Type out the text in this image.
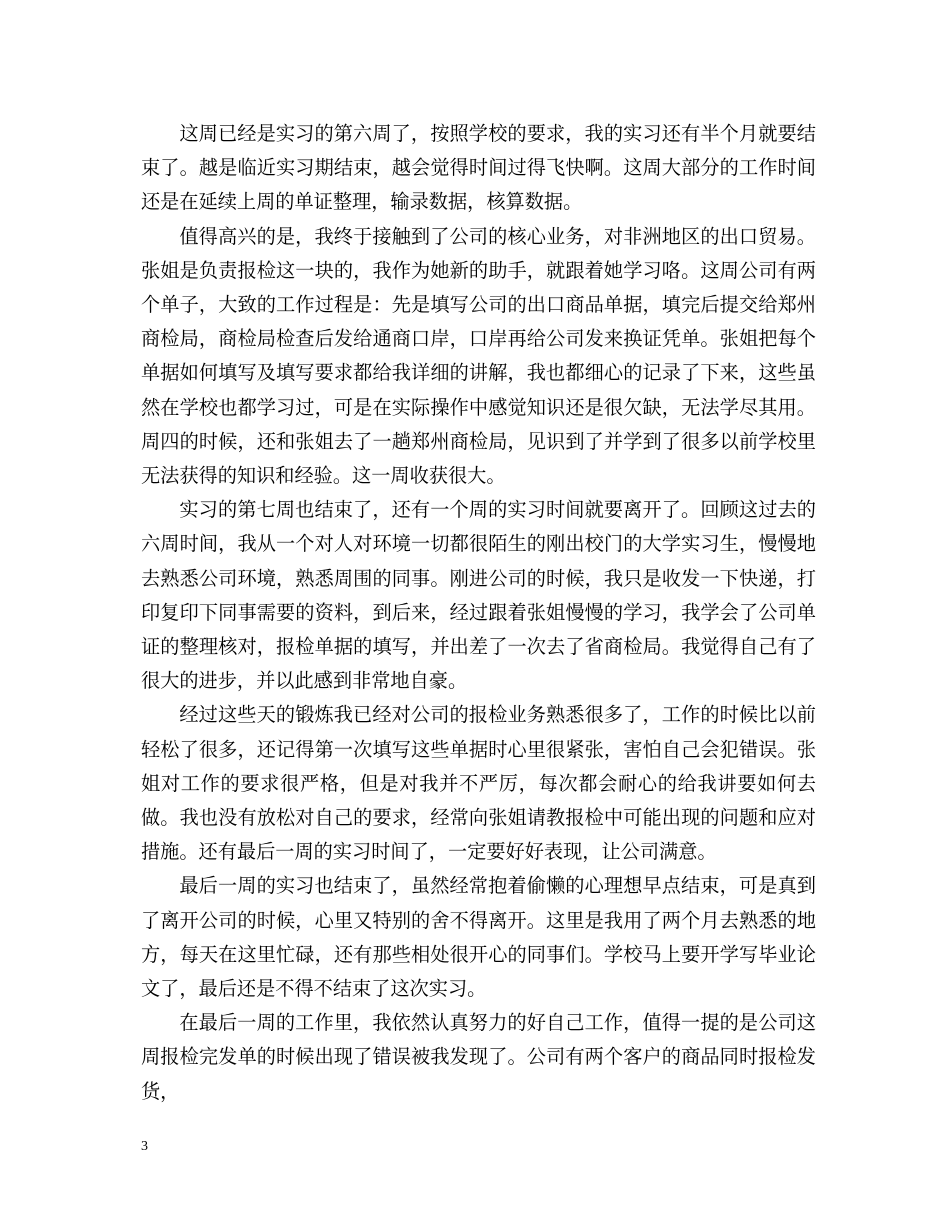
这周已经是实习的第六周了，按照学校的要求，我的实习还有半个月就要结束了。越是临近实习期结束，越会觉得时间过得飞快啊。这周大部分的工作时间还是在延续上周的单证整理，输录数据，核算数据。

值得高兴的是，我终于接触到了公司的核心业务，对非洲地区的出口贸易。张姐是负责报检这一块的，我作为她新的助手，就跟着她学习咯。这周公司有两个单子，大致的工作过程是：先是填写公司的出口商品单据，填完后提交给郑州商检局，商检局检查后发给通商口岸，口岸再给公司发来换证凭单。张姐把每个单据如何填写及填写要求都给我详细的讲解，我也都细心的记录了下来，这些虽然在学校也都学习过，可是在实际操作中感觉知识还是很欠缺，无法学尽其用。周四的时候，还和张姐去了一趟郑州商检局，见识到了并学到了很多以前学校里无法获得的知识和经验。这一周收获很大。

实习的第七周也结束了，还有一个周的实习时间就要离开了。回顾这过去的六周时间，我从一个对人对环境一切都很陌生的刚出校门的大学实习生，慢慢地去熟悉公司环境，熟悉周围的同事。刚进公司的时候，我只是收发一下快递，打印复印下同事需要的资料，到后来，经过跟着张姐慢慢的学习，我学会了公司单证的整理核对，报检单据的填写，并出差了一次去了省商检局。我觉得自己有了很大的进步，并以此感到非常地自豪。

经过这些天的锻炼我已经对公司的报检业务熟悉很多了，工作的时候比以前轻松了很多，还记得第一次填写这些单据时心里很紧张，害怕自己会犯错误。张姐对工作的要求很严格，但是对我并不严厉，每次都会耐心的给我讲要如何去做。我也没有放松对自己的要求，经常向张姐请教报检中可能出现的问题和应对措施。还有最后一周的实习时间了，一定要好好表现，让公司满意。

最后一周的实习也结束了，虽然经常抱着偷懒的心理想早点结束，可是真到了离开公司的时候，心里又特别的舍不得离开。这里是我用了两个月去熟悉的地方，每天在这里忙碌，还有那些相处很开心的同事们。学校马上要开学写毕业论文了，最后还是不得不结束了这次实习。

在最后一周的工作里，我依然认真努力的好自己工作，值得一提的是公司这周报检完发单的时候出现了错误被我发现了。公司有两个客户的商品同时报检发货，

3
